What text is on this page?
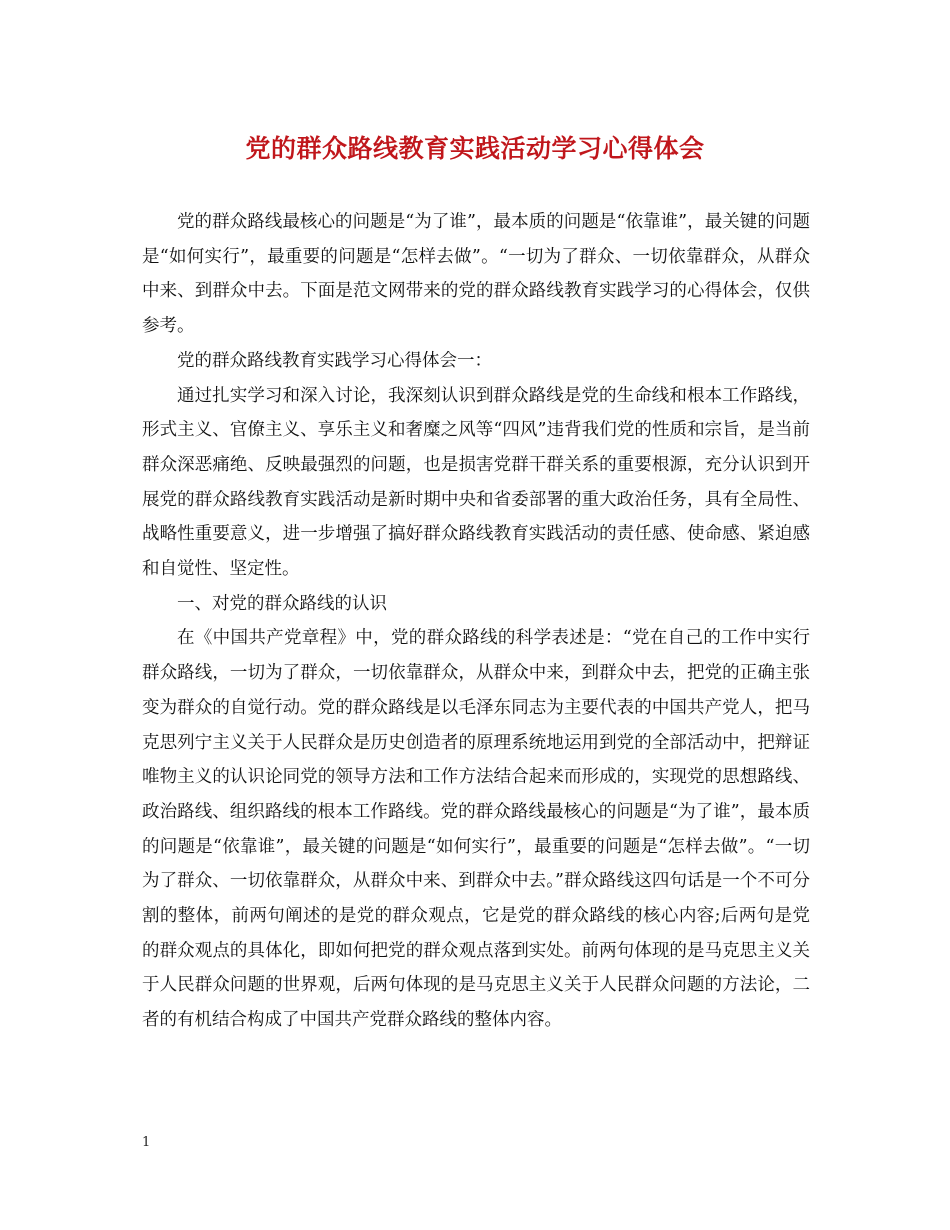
党的群众路线教育实践活动学习心得体会

党的群众路线最核心的问题是“为了谁”，最本质的问题是“依靠谁”，最关键的问题是“如何实行”，最重要的问题是“怎样去做”。“一切为了群众、一切依靠群众，从群众中来、到群众中去。下面是范文网带来的党的群众路线教育实践学习的心得体会，仅供参考。

党的群众路线教育实践学习心得体会一：

通过扎实学习和深入讨论，我深刻认识到群众路线是党的生命线和根本工作路线，形式主义、官僚主义、享乐主义和奢糜之风等“四风”违背我们党的性质和宗旨，是当前群众深恶痛绝、反映最强烈的问题，也是损害党群干群关系的重要根源，充分认识到开展党的群众路线教育实践活动是新时期中央和省委部署的重大政治任务，具有全局性、战略性重要意义，进一步增强了搞好群众路线教育实践活动的责任感、使命感、紧迫感和自觉性、坚定性。

一、对党的群众路线的认识

在《中国共产党章程》中，党的群众路线的科学表述是：“党在自己的工作中实行群众路线，一切为了群众，一切依靠群众，从群众中来，到群众中去，把党的正确主张变为群众的自觉行动。党的群众路线是以毛泽东同志为主要代表的中国共产党人，把马克思列宁主义关于人民群众是历史创造者的原理系统地运用到党的全部活动中，把辩证唯物主义的认识论同党的领导方法和工作方法结合起来而形成的，实现党的思想路线、政治路线、组织路线的根本工作路线。党的群众路线最核心的问题是“为了谁”，最本质的问题是“依靠谁”，最关键的问题是“如何实行”，最重要的问题是“怎样去做”。“一切为了群众、一切依靠群众，从群众中来、到群众中去。”群众路线这四句话是一个不可分割的整体，前两句阐述的是党的群众观点，它是党的群众路线的核心内容;后两句是党的群众观点的具体化，即如何把党的群众观点落到实处。前两句体现的是马克思主义关于人民群众问题的世界观，后两句体现的是马克思主义关于人民群众问题的方法论，二者的有机结合构成了中国共产党群众路线的整体内容。

1
